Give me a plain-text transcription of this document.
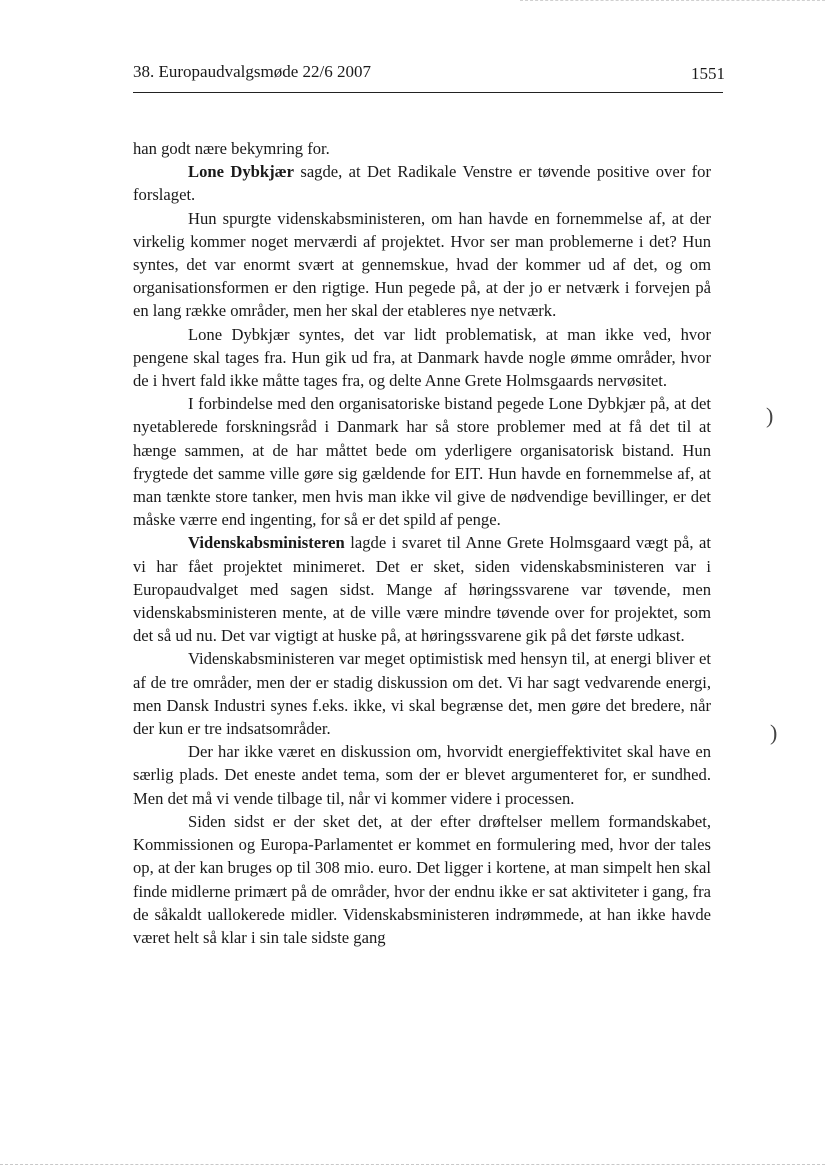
38. Europaudvalgsmøde 22/6 2007	1551

han godt nære bekymring for.

Lone Dybkjær sagde, at Det Radikale Venstre er tøvende positive over for forslaget.

Hun spurgte videnskabsministeren, om han havde en fornemmelse af, at der virkelig kommer noget merværdi af projektet. Hvor ser man problemerne i det? Hun syntes, det var enormt svært at gennemskue, hvad der kommer ud af det, og om organisationsformen er den rigtige. Hun pegede på, at der jo er netværk i forvejen på en lang række områder, men her skal der etableres nye netværk.

Lone Dybkjær syntes, det var lidt problematisk, at man ikke ved, hvor pengene skal tages fra. Hun gik ud fra, at Danmark havde nogle ømme områder, hvor de i hvert fald ikke måtte tages fra, og delte Anne Grete Holmsgaards nervøsitet.

I forbindelse med den organisatoriske bistand pegede Lone Dybkjær på, at det nyetablerede forskningsråd i Danmark har så store problemer med at få det til at hænge sammen, at de har måttet bede om yderligere organisatorisk bistand. Hun frygtede det samme ville gøre sig gældende for EIT. Hun havde en fornemmelse af, at man tænkte store tanker, men hvis man ikke vil give de nødvendige bevillinger, er det måske værre end ingenting, for så er det spild af penge.

Videnskabsministeren lagde i svaret til Anne Grete Holmsgaard vægt på, at vi har fået projektet minimeret. Det er sket, siden videnskabsministeren var i Europaudvalget med sagen sidst. Mange af høringssvarene var tøvende, men videnskabsministeren mente, at de ville være mindre tøvende over for projektet, som det så ud nu. Det var vigtigt at huske på, at høringssvarene gik på det første udkast.

Videnskabsministeren var meget optimistisk med hensyn til, at energi bliver et af de tre områder, men der er stadig diskussion om det. Vi har sagt vedvarende energi, men Dansk Industri synes f.eks. ikke, vi skal begrænse det, men gøre det bredere, når der kun er tre indsatsområder.

Der har ikke været en diskussion om, hvorvidt energieffektivitet skal have en særlig plads. Det eneste andet tema, som der er blevet argumenteret for, er sundhed. Men det må vi vende tilbage til, når vi kommer videre i processen.

Siden sidst er der sket det, at der efter drøftelser mellem formandskabet, Kommissionen og Europa-Parlamentet er kommet en formulering med, hvor der tales op, at der kan bruges op til 308 mio. euro. Det ligger i kortene, at man simpelt hen skal finde midlerne primært på de områder, hvor der endnu ikke er sat aktiviteter i gang, fra de såkaldt uallokerede midler. Videnskabsministeren indrømmede, at han ikke havde været helt så klar i sin tale sidste gang

)
)
